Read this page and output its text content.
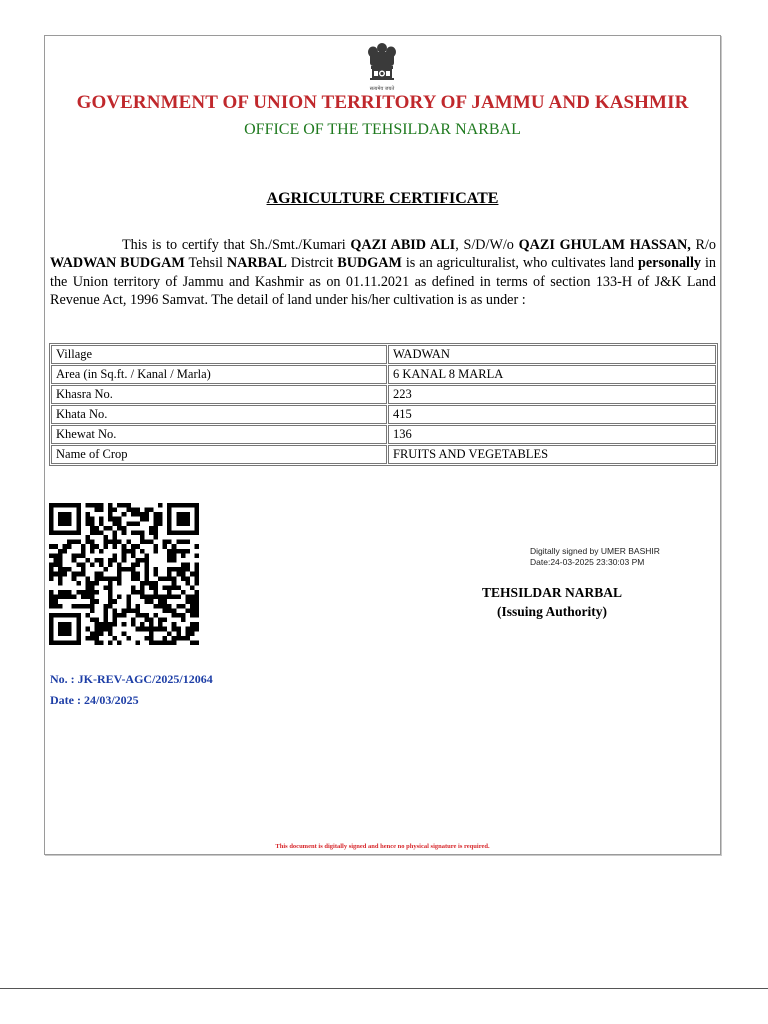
सत्यमेव जयते
GOVERNMENT OF UNION TERRITORY OF JAMMU AND KASHMIR
OFFICE OF THE TEHSILDAR NARBAL
AGRICULTURE CERTIFICATE
This is to certify that Sh./Smt./Kumari QAZI ABID ALI, S/D/W/o QAZI GHULAM HASSAN, R/o WADWAN BUDGAM Tehsil NARBAL Distrcit BUDGAM is an agriculturalist, who cultivates land personally in the Union territory of Jammu and Kashmir as on 01.11.2021 as defined in terms of section 133-H of J&K Land Revenue Act, 1996 Samvat. The detail of land under his/her cultivation is as under :
Village	WADWAN
Area (in Sq.ft. / Kanal / Marla)	6 KANAL 8 MARLA
Khasra No.	223
Khata No.	415
Khewat No.	136
Name of Crop	FRUITS AND VEGETABLES
Digitally signed by UMER BASHIR
Date:24-03-2025 23:30:03 PM
TEHSILDAR NARBAL
(Issuing Authority)
No. : JK-REV-AGC/2025/12064
Date : 24/03/2025
This document is digitally signed and hence no physical signature is required.
